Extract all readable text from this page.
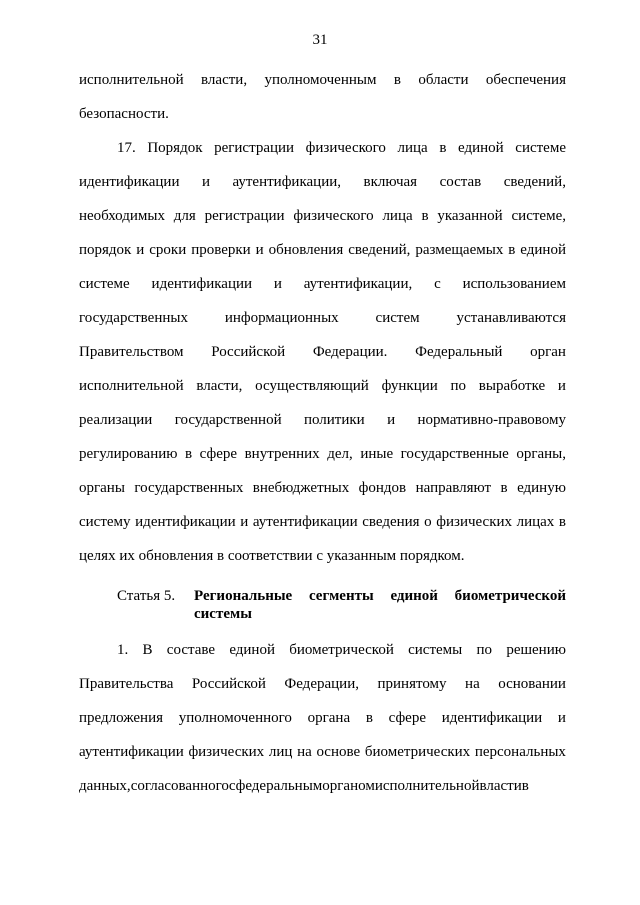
31
исполнительной власти, уполномоченным в области обеспечения
безопасности.
17. Порядок регистрации физического лица в единой системе
идентификации и аутентификации, включая состав сведений,
необходимых для регистрации физического лица в указанной системе,
порядок и сроки проверки и обновления сведений, размещаемых в единой
системе идентификации и аутентификации, с использованием
государственных информационных систем устанавливаются
Правительством Российской Федерации. Федеральный орган
исполнительной власти, осуществляющий функции по выработке и
реализации государственной политики и нормативно-правовому
регулированию в сфере внутренних дел, иные государственные органы,
органы государственных внебюджетных фондов направляют в единую
систему идентификации и аутентификации сведения о физических лицах в
целях их обновления в соответствии с указанным порядком.
Статья 5.	Региональные сегменты единой биометрической
системы
1. В составе единой биометрической системы по решению
Правительства Российской Федерации, принятому на основании
предложения уполномоченного органа в сфере идентификации и
аутентификации физических лиц на основе биометрических персональных
данных, согласованного с федеральным органом исполнительной власти в
